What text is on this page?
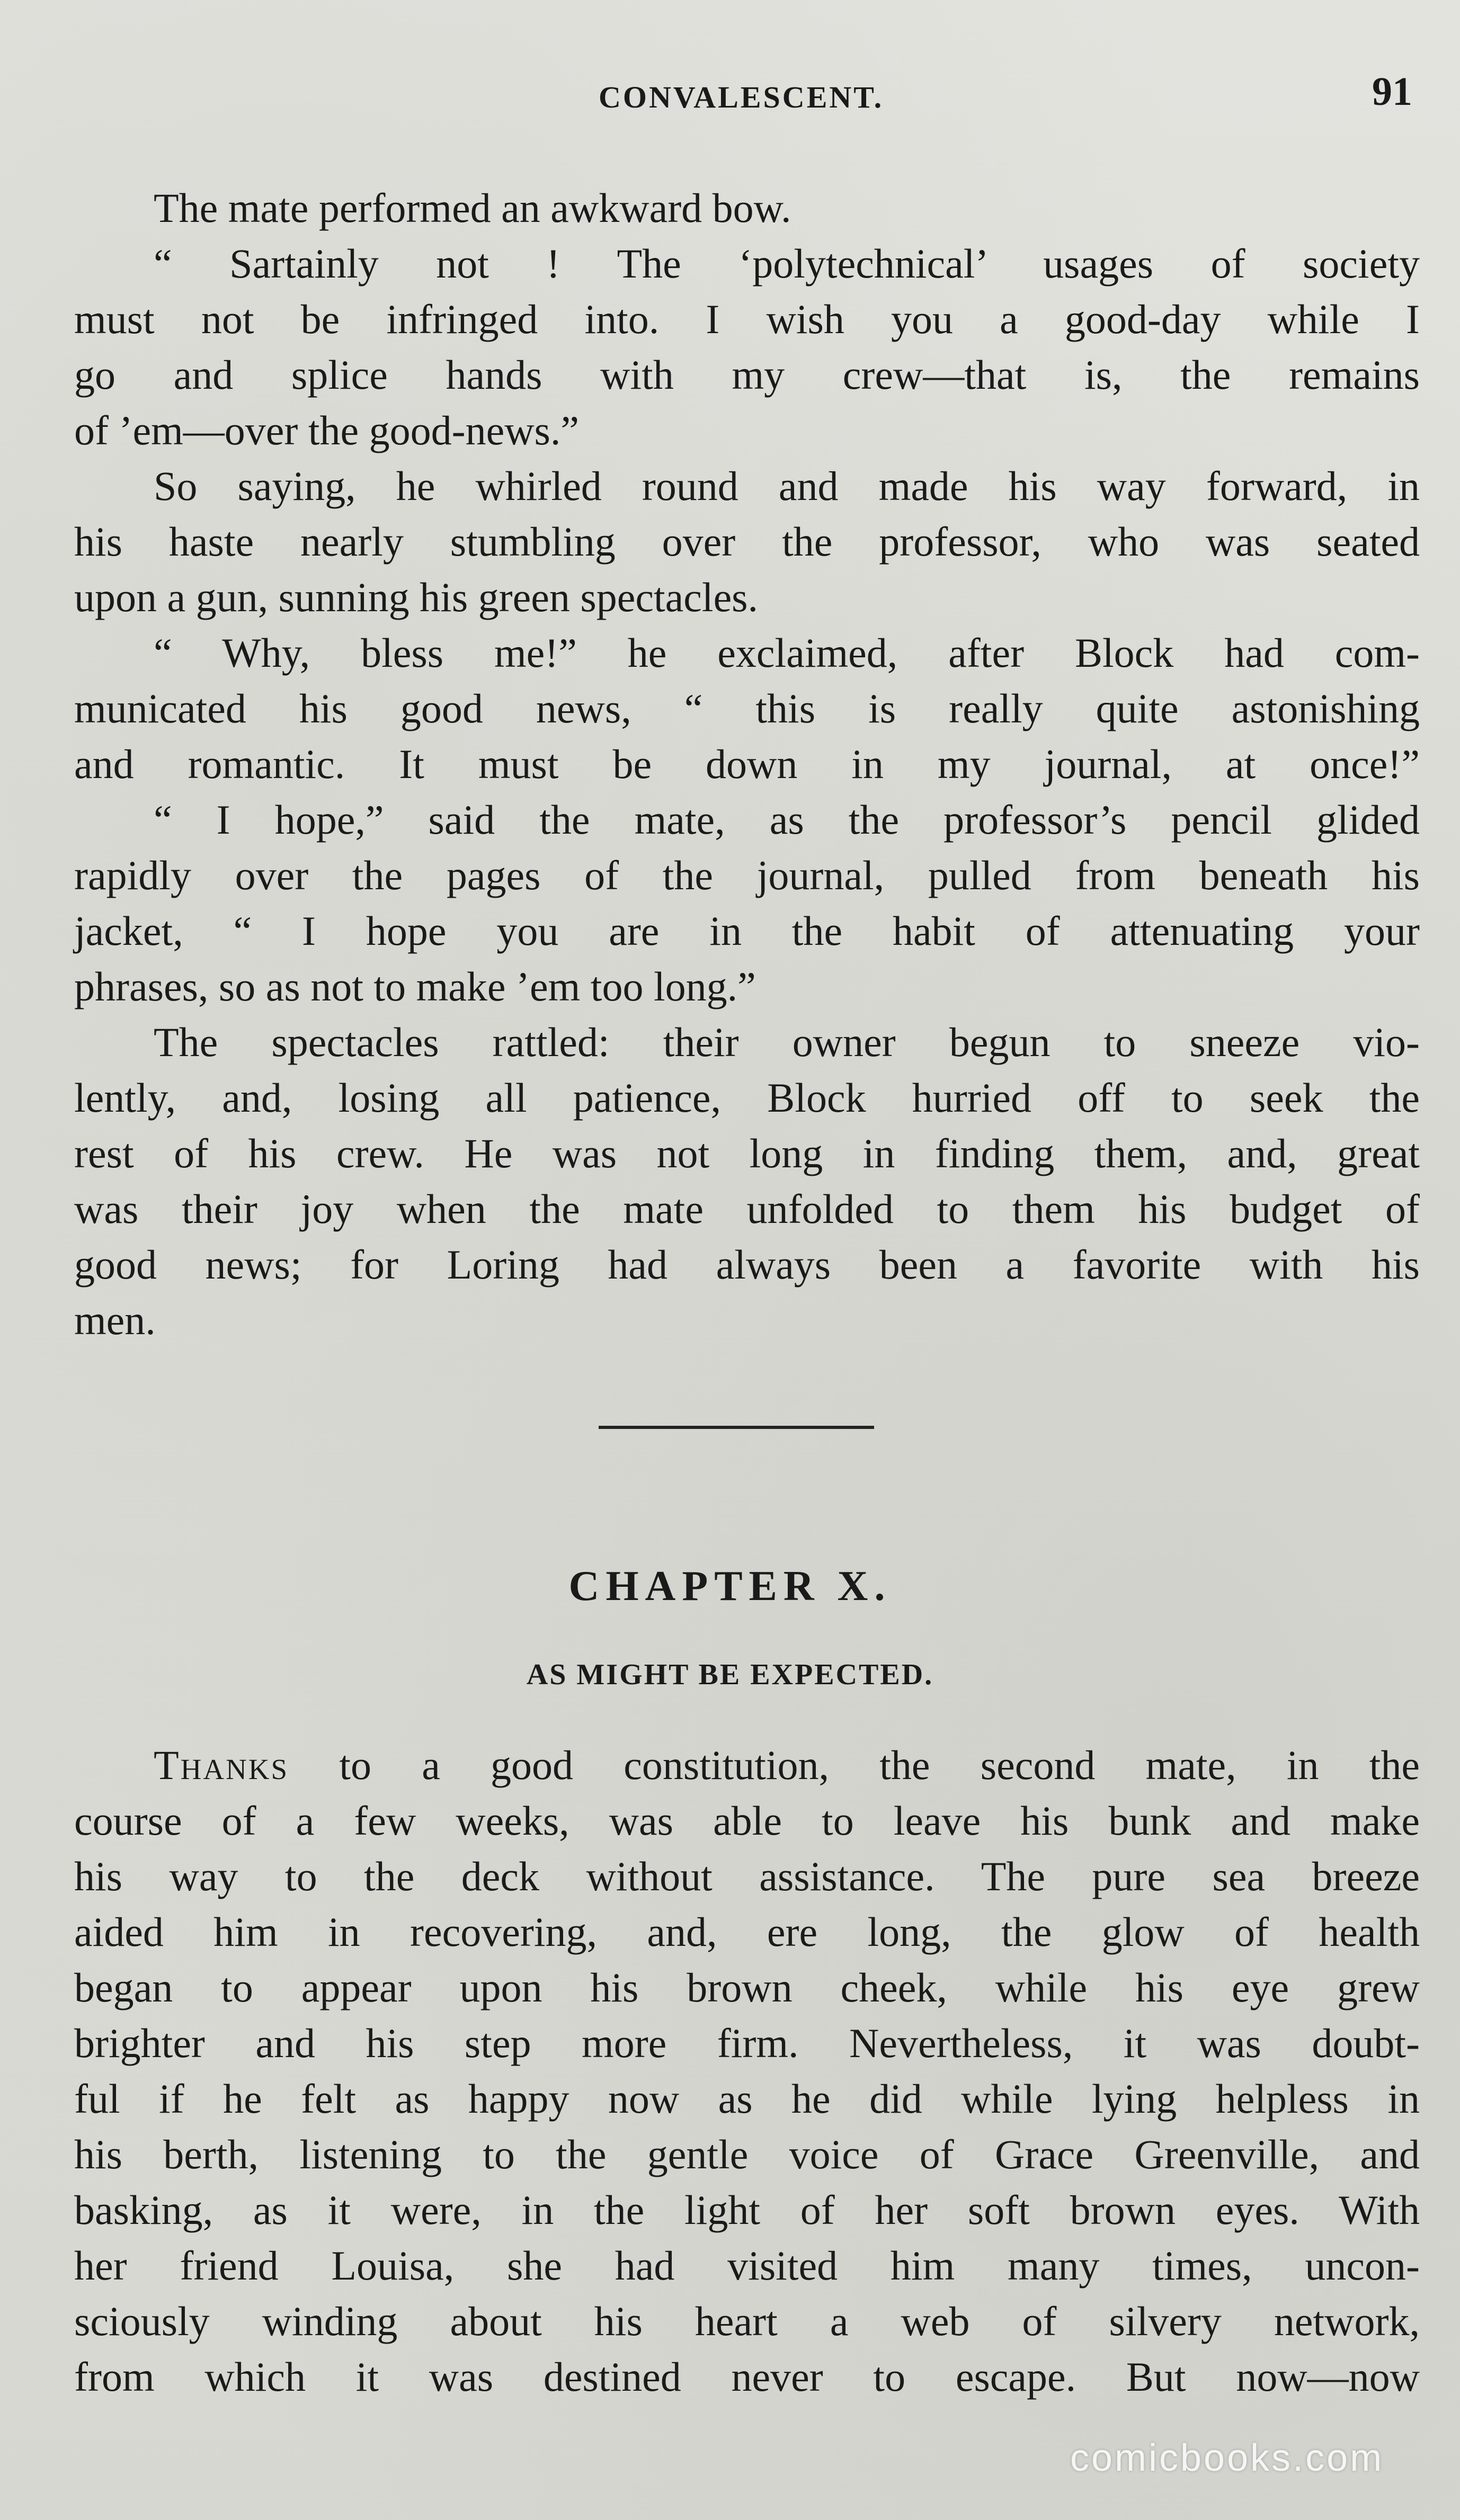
CONVALESCENT.	91
The mate performed an awkward bow.
“ Sartainly not ! The ‘polytechnical’ usages of society
must not be infringed into. I wish you a good-day while I
go and splice hands with my crew—that is, the remains
of ’em—over the good-news.”
So saying, he whirled round and made his way forward, in
his haste nearly stumbling over the professor, who was seated
upon a gun, sunning his green spectacles.
“ Why, bless me!” he exclaimed, after Block had com-
municated his good news, “ this is really quite astonishing
and romantic. It must be down in my journal, at once!”
“ I hope,” said the mate, as the professor’s pencil glided
rapidly over the pages of the journal, pulled from beneath his
jacket, “ I hope you are in the habit of attenuating your
phrases, so as not to make ’em too long.”
The spectacles rattled: their owner begun to sneeze vio-
lently, and, losing all patience, Block hurried off to seek the
rest of his crew. He was not long in finding them, and, great
was their joy when the mate unfolded to them his budget of
good news; for Loring had always been a favorite with his
men.
CHAPTER X.
AS MIGHT BE EXPECTED.
Thanks to a good constitution, the second mate, in the
course of a few weeks, was able to leave his bunk and make
his way to the deck without assistance. The pure sea breeze
aided him in recovering, and, ere long, the glow of health
began to appear upon his brown cheek, while his eye grew
brighter and his step more firm. Nevertheless, it was doubt-
ful if he felt as happy now as he did while lying helpless in
his berth, listening to the gentle voice of Grace Greenville, and
basking, as it were, in the light of her soft brown eyes. With
her friend Louisa, she had visited him many times, uncon-
sciously winding about his heart a web of silvery network,
from which it was destined never to escape. But now—now
comicbooks.com
